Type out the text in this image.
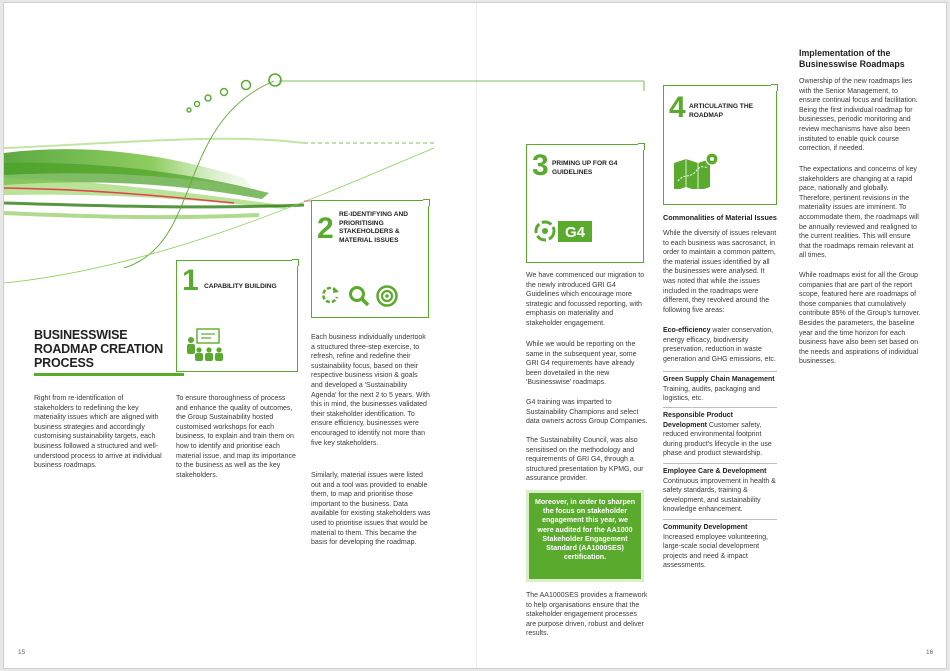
BUSINESSWISE ROADMAP CREATION PROCESS
Right from re-identification of stakeholders to redefining the key materiality issues which are aligned with business strategies and accordingly customising sustainability targets, each business followed a structured and well-understood process to arrive at individual business roadmaps.
15
1 CAPABILITY BUILDING
To ensure thoroughness of process and enhance the quality of outcomes, the Group Sustainability hosted customised workshops for each business, to explain and train them on how to identify and prioritise each material issue, and map its importance to the business as well as the key stakeholders.
2 RE-IDENTIFYING AND PRIORITISING STAKEHOLDERS & MATERIAL ISSUES
Each business individually undertook a structured three-step exercise, to refresh, refine and redefine their sustainability focus, based on their respective business vision & goals and developed a 'Sustainability Agenda' for the next 2 to 5 years. With this in mind, the businesses validated their stakeholder identification. To ensure efficiency, businesses were encouraged to identify not more than five key stakeholders.
Similarly, material issues were listed out and a tool was provided to enable them, to map and prioritise those important to the business. Data available for existing stakeholders was used to prioritise issues that would be material to them. This became the basis for developing the roadmap.
3 PRIMING UP FOR G4 GUIDELINES
G4
We have commenced our migration to the newly introduced GRI G4 Guidelines which encourage more strategic and focussed reporting, with emphasis on materiality and stakeholder engagement.
While we would be reporting on the same in the subsequent year, some GRI G4 requirements have already been dovetailed in the new 'Businesswise' roadmaps.
G4 training was imparted to Sustainability Champions and select data owners across Group Companies.
The Sustainability Council, was also sensitised on the methodology and requirements of GRI G4, through a structured presentation by KPMG, our assurance provider.
Moreover, in order to sharpen the focus on stakeholder engagement this year, we were audited for the AA1000 Stakeholder Engagement Standard (AA1000SES) certification.
The AA1000SES provides a framework to help organisations ensure that the stakeholder engagement processes are purpose driven, robust and deliver results.
4 ARTICULATING THE ROADMAP
Commonalities of Material Issues
While the diversity of issues relevant to each business was sacrosanct, in order to maintain a common pattern, the material issues identified by all the businesses were analysed. It was noted that while the issues included in the roadmaps were different, they revolved around the following five areas:
Eco-efficiency water conservation, energy efficacy, biodiversity preservation, reduction in waste generation and GHG emissions, etc.
Green Supply Chain Management Training, audits, packaging and logistics, etc.
Responsible Product Development Customer safety, reduced environmental footprint during product's lifecycle in the use phase and product stewardship.
Employee Care & Development Continuous improvement in health & safety standards, training & development, and sustainability knowledge enhancement.
Community Development Increased employee volunteering, large-scale social development projects and need & impact assessments.
Implementation of the Businesswise Roadmaps
Ownership of the new roadmaps lies with the Senior Management, to ensure continual focus and facilitation. Being the first individual roadmap for businesses, periodic monitoring and review mechanisms have also been instituted to enable quick course correction, if needed.
The expectations and concerns of key stakeholders are changing at a rapid pace, nationally and globally. Therefore, pertinent revisions in the materiality issues are imminent. To accommodate them, the roadmaps will be annually reviewed and realigned to the current realities. This will ensure that the roadmaps remain relevant at all times.
While roadmaps exist for all the Group companies that are part of the report scope, featured here are roadmaps of those companies that cumulatively contribute 85% of the Group's turnover. Besides the parameters, the baseline year and the time horizon for each business have also been set based on the needs and aspirations of individual businesses.
16
